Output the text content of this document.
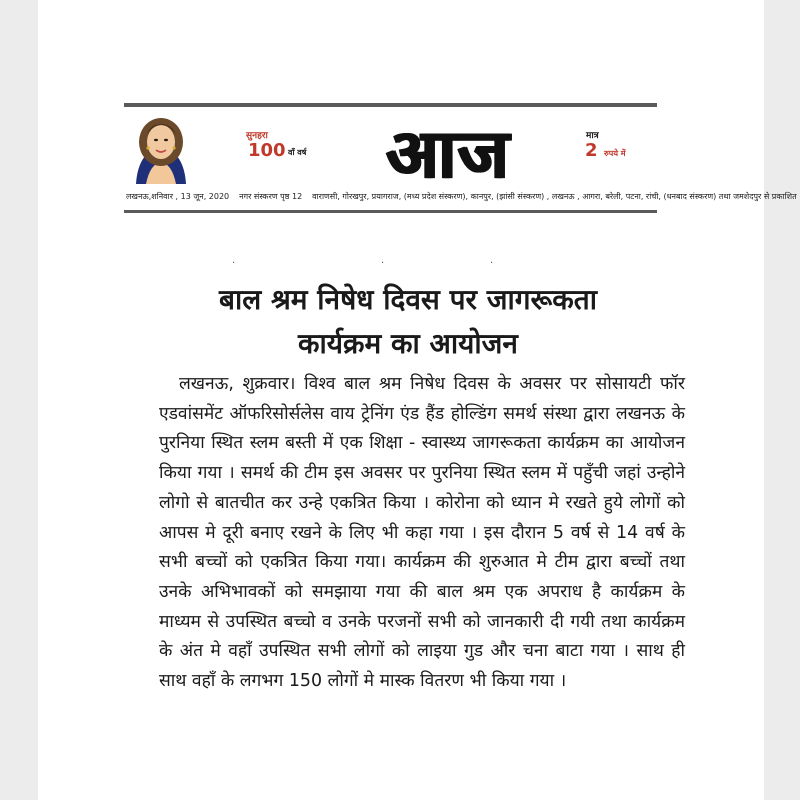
सुनहरा
100 वाँ वर्ष	आज	मात्र
2 रुपये में
लखनऊ,शनिवार , 13 जून, 2020 नगर संस्करण पृष्ठ 12 वाराणसी, गोरखपुर, प्रयागराज, (मध्य प्रदेश संस्करण), कानपुर, (झांसी संस्करण) , लखनऊ , आगरा, बरेली, पटना, रांची, (धनबाद संस्करण) तथा जमशेदपुर से प्रकाशित
·	·	·
बाल श्रम निषेध दिवस पर जागरूकता
कार्यक्रम का आयोजन

लखनऊ, शुक्रवार। विश्व बाल श्रम निषेध दिवस के अवसर पर सोसायटी फॉर एडवांसमेंट ऑफरिसोर्सलेस वाय ट्रेनिंग एंड हैंड होल्डिंग समर्थ संस्था द्वारा लखनऊ के पुरनिया स्थित स्लम बस्ती में एक शिक्षा - स्वास्थ्य जागरूकता कार्यक्रम का आयोजन किया गया । समर्थ की टीम इस अवसर पर पुरनिया स्थित स्लम में पहुँची जहां उन्होने लोगो से बातचीत कर उन्हे एकत्रित किया । कोरोना को ध्यान मे रखते हुये लोगों को आपस मे दूरी बनाए रखने के लिए भी कहा गया । इस दौरान 5 वर्ष से 14 वर्ष के सभी बच्चों को एकत्रित किया गया। कार्यक्रम की शुरुआत मे टीम द्वारा बच्चों तथा उनके अभिभावकों को समझाया गया की बाल श्रम एक अपराध है कार्यक्रम के माध्यम से उपस्थित बच्चो व उनके परजनों सभी को जानकारी दी गयी तथा कार्यक्रम के अंत मे वहाँ उपस्थित सभी लोगों को लाइया गुड और चना बाटा गया । साथ ही साथ वहाँ के लगभग 150 लोगों मे मास्क वितरण भी किया गया ।
